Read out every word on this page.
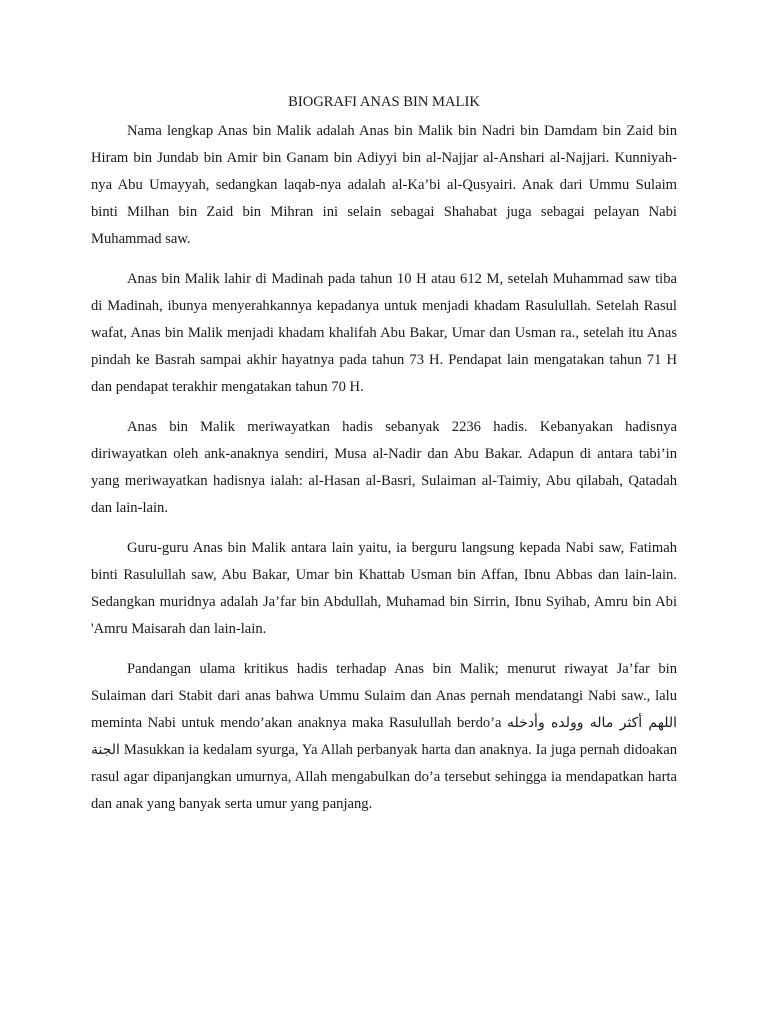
BIOGRAFI ANAS BIN MALIK

Nama lengkap Anas bin Malik adalah Anas bin Malik bin Nadri bin Damdam bin Zaid bin Hiram bin Jundab bin Amir bin Ganam bin Adiyyi bin al-Najjar al-Anshari al-Najjari. Kunniyah-nya Abu Umayyah, sedangkan laqab-nya adalah al-Ka’bi al-Qusyairi. Anak dari Ummu Sulaim binti Milhan bin Zaid bin Mihran ini selain sebagai Shahabat juga sebagai pelayan Nabi Muhammad saw.

Anas bin Malik lahir di Madinah pada tahun 10 H atau 612 M, setelah Muhammad saw tiba di Madinah, ibunya menyerahkannya kepadanya untuk menjadi khadam Rasulullah. Setelah Rasul wafat, Anas bin Malik menjadi khadam khalifah Abu Bakar, Umar dan Usman ra., setelah itu Anas pindah ke Basrah sampai akhir hayatnya pada tahun 73 H. Pendapat lain mengatakan tahun 71 H dan pendapat terakhir mengatakan tahun 70 H.

Anas bin Malik meriwayatkan hadis sebanyak 2236 hadis. Kebanyakan hadisnya diriwayatkan oleh ank-anaknya sendiri, Musa al-Nadir dan Abu Bakar. Adapun di antara tabi’in yang meriwayatkan hadisnya ialah: al-Hasan al-Basri, Sulaiman al-Taimiy, Abu qilabah, Qatadah dan lain-lain.

Guru-guru Anas bin Malik antara lain yaitu, ia berguru langsung kepada Nabi saw, Fatimah binti Rasulullah saw, Abu Bakar, Umar bin Khattab Usman bin Affan, Ibnu Abbas dan lain-lain. Sedangkan muridnya adalah Ja’far bin Abdullah, Muhamad bin Sirrin, Ibnu Syihab, Amru bin Abi 'Amru Maisarah dan lain-lain.

Pandangan ulama kritikus hadis terhadap Anas bin Malik; menurut riwayat Ja’far bin Sulaiman dari Stabit dari anas bahwa Ummu Sulaim dan Anas pernah mendatangi Nabi saw., lalu meminta Nabi untuk mendo’akan anaknya maka Rasulullah berdo’a اللهم أكثر ماله وولده وأدخله الجنة Masukkan ia kedalam syurga, Ya Allah perbanyak harta dan anaknya. Ia juga pernah didoakan rasul agar dipanjangkan umurnya, Allah mengabulkan do’a tersebut sehingga ia mendapatkan harta dan anak yang banyak serta umur yang panjang.
